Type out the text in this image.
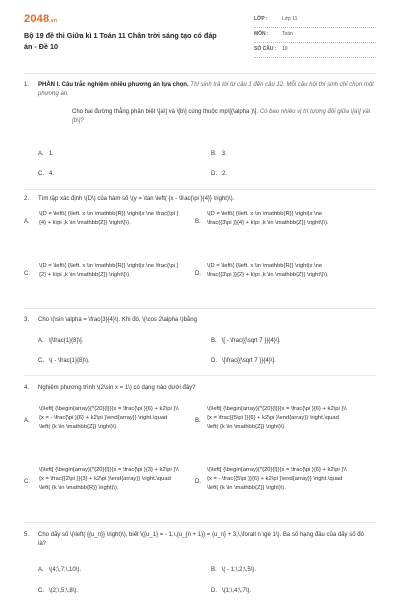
2048.vn
Bộ 19 đề thi Giữa kì 1 Toán 11 Chân trời sáng tạo có đáp án - Đề 10
LỚP :	Lớp 11
MÔN :	Toán
SỐ CÂU : 19
1.	PHẦN I. Câu trắc nghiệm nhiều phương án lựa chọn. Thí sinh trả lời từ câu 1 đến câu 12. Mỗi câu hỏi thí sinh chỉ chọn một phương án.
Cho hai đường thẳng phân biệt \[a\] và \[b\] cùng thuộc mp\[(\alpha )\]. Có bao nhiêu vị trí tương đối giữa \[a\] và\[b\]?
A. 1.	B. 3.
C. 4.	D. 2.
2.	Tìm tập xác định \(D\) của hàm số \(y = \tan \left( {x - \frac{\pi }{4}} \right)\).
A.
\(D = \left\{ {\left. x \in \mathbb{R}} \right|x \ne \frac{\pi }{4} + k\pi ,k \in \mathbb{Z}} \right\}\).	B.
\(D = \left\{ {\left. x \in \mathbb{R}} \right|x \ne \frac{{3\pi }}{4} + k\pi ,k \in \mathbb{Z}} \right\}\).
C.
\(D = \left\{ {\left. x \in \mathbb{R}} \right|x \ne \frac{\pi }{2} + k\pi ,k \in \mathbb{Z}} \right\}\).	D.
\(D = \left\{ {\left. x \in \mathbb{R}} \right|x \ne \frac{{3\pi }}{2} + k\pi ,k \in \mathbb{Z}} \right\}\).
3.	Cho \(\sin \alpha = \frac{3}{4}\). Khi đó, \(\cos 2\alpha \)bằng
A. \[\frac{1}{8}\].	B. \[ - \frac{{\sqrt 7 }}{4}\].
C. \( - \frac{1}{8}\).	D. \[\frac{{\sqrt 7 }}{4}\].
4.	Nghiệm phương trình \(2\sin x = 1\) có dạng nào dưới đây?
A.
\(\left[ {\begin{array}{*{20}{l}}{x = \frac{\pi }{6} + k2\pi }\\{x = - \frac{\pi }{6} + k2\pi }\end{array}} \right.\quad \left( {k \in \mathbb{Z}} \right)\).
B.
\(\left[ {\begin{array}{*{20}{l}}{x = \frac{\pi }{6} + k2\pi }\\{x = \frac{{5\pi }}{6} + k2\pi }\end{array}} \right.\quad \left( {k \in \mathbb{Z}} \right)\).
C.
\(\left[ {\begin{array}{*{20}{l}}{x = \frac{\pi }{3} + k2\pi }\\{x = \frac{{2\pi }}{3} + k2\pi }\end{array}} \right.\quad \left( {k \in \mathbb{R}} \right)\).
D.
\(\left[ {\begin{array}{*{20}{l}}{x = \frac{\pi }{6} + k2\pi }\\{x = - \frac{{5\pi }}{6} + k2\pi }\end{array}} \right.\quad \left( {k \in \mathbb{Z}} \right)\).
5.	Cho dãy số \(\left( {{u_n}} \right)\), biết \({u_1} = - 1,\,{u_{n + 1}} = {u_n} + 3,\,\forall n \ge 1\). Ba số hạng đầu của dãy số đó là?
A. \(4;\,7;\,10\).	B. \( - 1;\,2;\,5\).
C. \(2;\,5;\,8\).	D. \(1;\,4;\,7\).
